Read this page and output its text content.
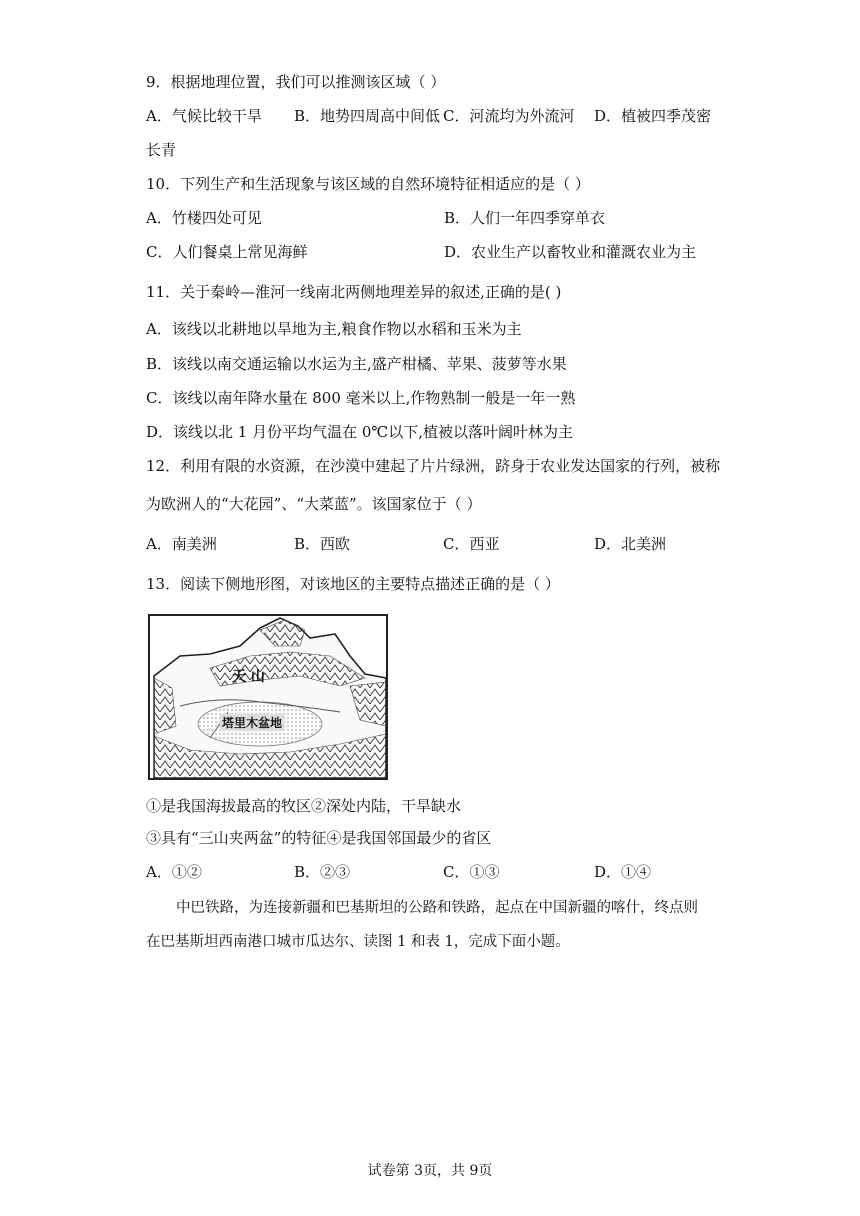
9．根据地理位置，我们可以推测该区域（ ）
A．气候比较干旱 B．地势四周高中间低 C．河流均为外流河 D．植被四季茂密
长青
10．下列生产和生活现象与该区域的自然环境特征相适应的是（ ）
A．竹楼四处可见	B．人们一年四季穿单衣
C．人们餐桌上常见海鲜	D．农业生产以畜牧业和灌溉农业为主
11．关于秦岭—淮河一线南北两侧地理差异的叙述,正确的是( )
A．该线以北耕地以旱地为主,粮食作物以水稻和玉米为主
B．该线以南交通运输以水运为主,盛产柑橘、苹果、菠萝等水果
C．该线以南年降水量在 800 毫米以上,作物熟制一般是一年一熟
D．该线以北 1 月份平均气温在 0℃以下,植被以落叶阔叶林为主
12．利用有限的水资源，在沙漠中建起了片片绿洲，跻身于农业发达国家的行列，被称
为欧洲人的“大花园”、“大菜蓝”。该国家位于（ ）
A．南美洲	B．西欧	C．西亚	D．北美洲
13．阅读下侧地形图，对该地区的主要特点描述正确的是（ ）
天 山
塔里木盆地
①是我国海拔最高的牧区②深处内陆，干旱缺水
③具有“三山夹两盆”的特征④是我国邻国最少的省区
A．①②	B．②③	C．①③	D．①④
中巴铁路，为连接新疆和巴基斯坦的公路和铁路，起点在中国新疆的喀什，终点则
在巴基斯坦西南港口城市瓜达尔、读图 1 和表 1，完成下面小题。
试卷第 3页，共 9页
